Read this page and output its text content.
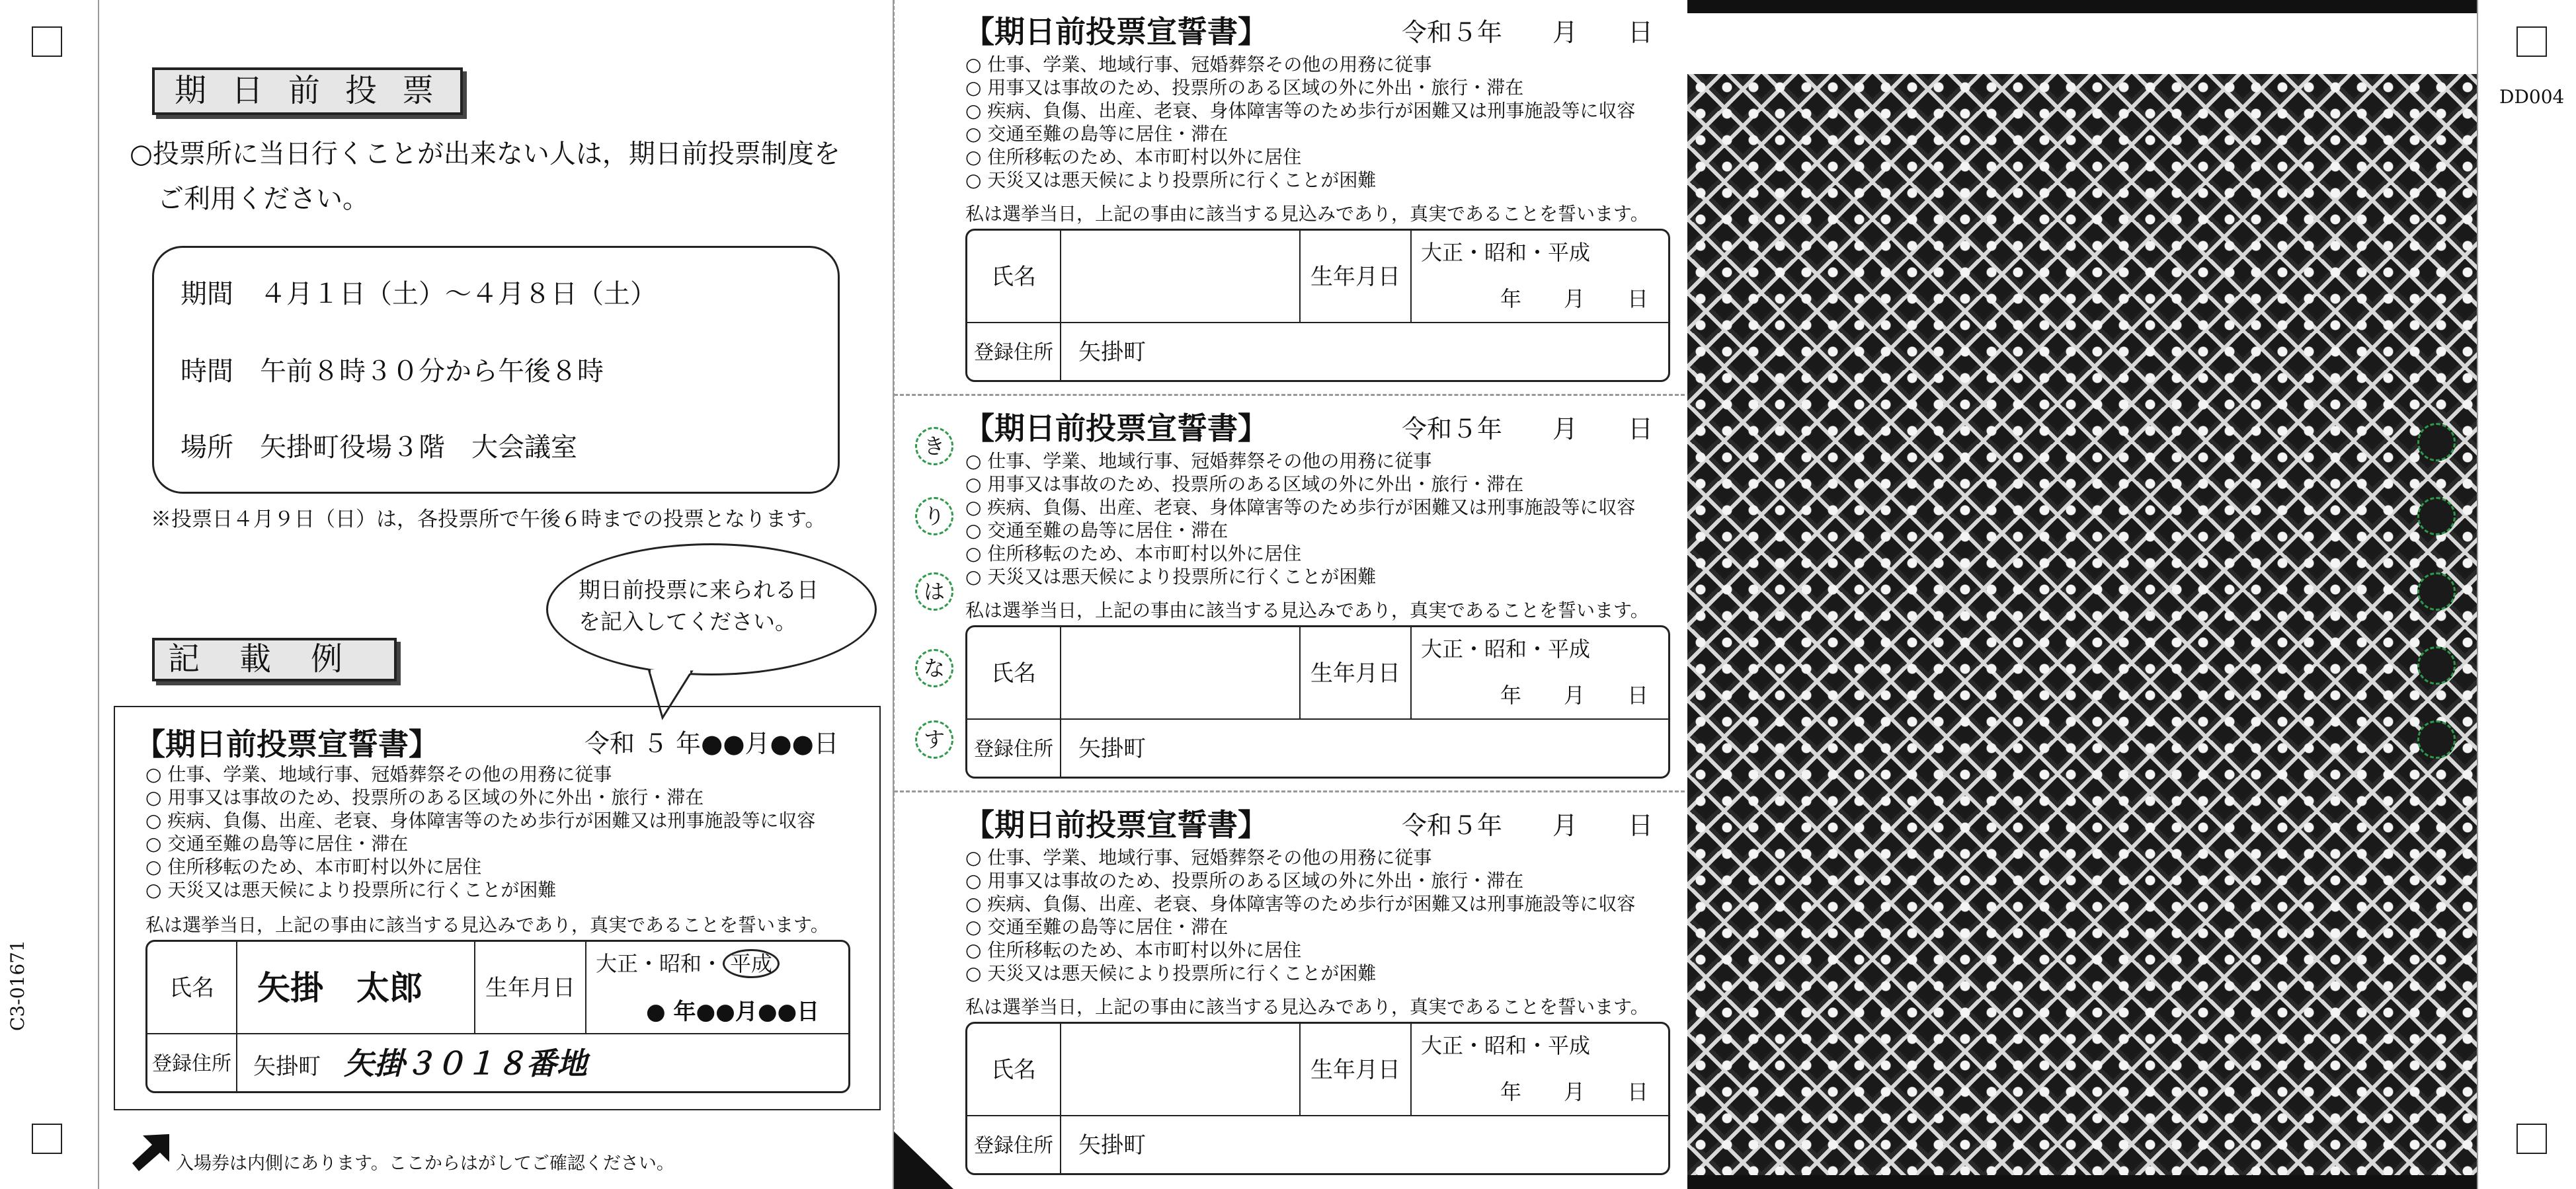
C3-01671
DD004
期日前投票
○投票所に当日行くことが出来ない人は，期日前投票制度を
ご利用ください。
期間 ４月１日（土）～４月８日（土）
時間 午前８時３０分から午後８時
場所 矢掛町役場３階　大会議室
※投票日４月９日（日）は，各投票所で午後６時までの投票となります。
期日前投票に来られる日
を記入してください。
記載例
【期日前投票宣誓書】	令和 ５ 年●●月●●日
○ 仕事、学業、地域行事、冠婚葬祭その他の用務に従事
○ 用事又は事故のため、投票所のある区域の外に外出・旅行・滞在
○ 疾病、負傷、出産、老衰、身体障害等のため歩行が困難又は刑事施設等に収容
○ 交通至難の島等に居住・滞在
○ 住所移転のため、本市町村以外に居住
○ 天災又は悪天候により投票所に行くことが困難
私は選挙当日，上記の事由に該当する見込みであり，真実であることを誓います。
氏名	矢掛　太郎	生年月日
大正・昭和・ 平成
● 年●●月●●日
登録住所 矢掛町 矢掛３０１８番地
入場券は内側にあります。ここからはがしてご確認ください。
き
り
は
な
す
【期日前投票宣誓書】	令和５年　　月　　日
○ 仕事、学業、地域行事、冠婚葬祭その他の用務に従事
○ 用事又は事故のため、投票所のある区域の外に外出・旅行・滞在
○ 疾病、負傷、出産、老衰、身体障害等のため歩行が困難又は刑事施設等に収容
○ 交通至難の島等に居住・滞在
○ 住所移転のため、本市町村以外に居住
○ 天災又は悪天候により投票所に行くことが困難
私は選挙当日，上記の事由に該当する見込みであり，真実であることを誓います。
氏名	生年月日
大正・昭和・平成
年　　月　　日
登録住所	矢掛町
【期日前投票宣誓書】	令和５年　　月　　日
○ 仕事、学業、地域行事、冠婚葬祭その他の用務に従事
○ 用事又は事故のため、投票所のある区域の外に外出・旅行・滞在
○ 疾病、負傷、出産、老衰、身体障害等のため歩行が困難又は刑事施設等に収容
○ 交通至難の島等に居住・滞在
○ 住所移転のため、本市町村以外に居住
○ 天災又は悪天候により投票所に行くことが困難
私は選挙当日，上記の事由に該当する見込みであり，真実であることを誓います。
氏名	生年月日
大正・昭和・平成
年　　月　　日
登録住所	矢掛町
【期日前投票宣誓書】	令和５年　　月　　日
○ 仕事、学業、地域行事、冠婚葬祭その他の用務に従事
○ 用事又は事故のため、投票所のある区域の外に外出・旅行・滞在
○ 疾病、負傷、出産、老衰、身体障害等のため歩行が困難又は刑事施設等に収容
○ 交通至難の島等に居住・滞在
○ 住所移転のため、本市町村以外に居住
○ 天災又は悪天候により投票所に行くことが困難
私は選挙当日，上記の事由に該当する見込みであり，真実であることを誓います。
氏名	生年月日
大正・昭和・平成
年　　月　　日
登録住所	矢掛町
